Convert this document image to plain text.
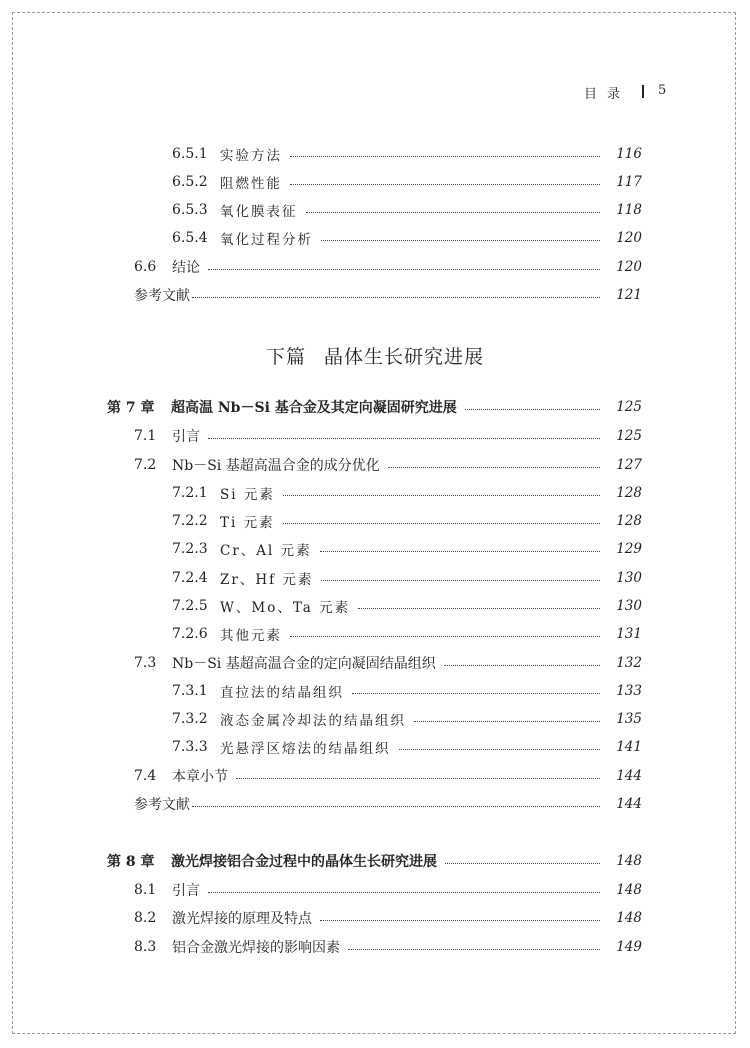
目录 5
6.5.1 实验方法	116
6.5.2 阻燃性能	117
6.5.3 氧化膜表征	118
6.5.4 氧化过程分析	120
6.6 结论	120
参考文献	121
下篇 晶体生长研究进展
第 7 章 超高温 Nb－Si 基合金及其定向凝固研究进展	125
7.1 引言	125
7.2 Nb－Si 基超高温合金的成分优化	127
7.2.1 Si 元素	128
7.2.2 Ti 元素	128
7.2.3 Cr、Al 元素	129
7.2.4 Zr、Hf 元素	130
7.2.5 W、Mo、Ta 元素	130
7.2.6 其他元素	131
7.3 Nb－Si 基超高温合金的定向凝固结晶组织	132
7.3.1 直拉法的结晶组织	133
7.3.2 液态金属冷却法的结晶组织	135
7.3.3 光悬浮区熔法的结晶组织	141
7.4 本章小节	144
参考文献	144
第 8 章 激光焊接铝合金过程中的晶体生长研究进展	148
8.1 引言	148
8.2 激光焊接的原理及特点	148
8.3 铝合金激光焊接的影响因素	149
